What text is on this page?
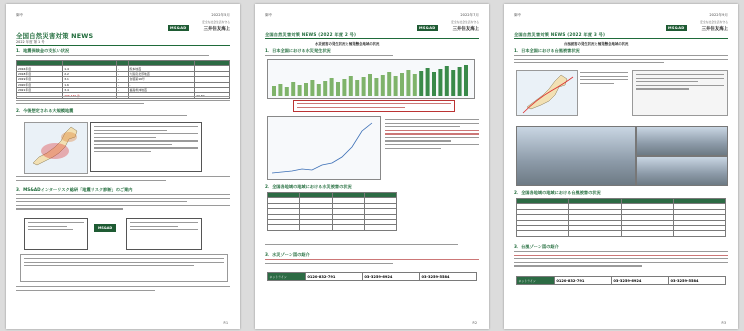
御中	2022年5月
安全な社会生活を守る
MS&AD	三井住友海上
全国自然災害対策 NEWS
2022 年度 第 1 号
1．地震保険金の支払い状況

2016年度	1.4	-	熊本地震	
2018年度	2.2	-	大阪府北部地震	
2019年度	3.1	-	台風第19号	
2020年度	1.6	-	-	
2021年度	3.4	-	福島県沖地震	

2．今後想定される大規模地震
3．MS&ADインターリスク総研「地震リスク診断」のご案内
MS&AD
P.1
御中	2022年7月
安全な社会生活を守る
MS&AD	三井住友海上
全国自然災害対策 NEWS (2022 年度 2 号)
水災被害の発生状況と頻発懸念地域の状況
1．日本全国における水災発生状況
2．全国各地域の地域における水災被害の状況

3．水災ゾーン図の紹介
ホットライン	0120-832-791	03-3259-6924	03-3259-5584
P.2
御中	2022年9月
安全な社会生活を守る
MS&AD	三井住友海上
全国自然災害対策 NEWS (2022 年度 3 号)
台風被害の発生状況と頻発懸念地域の状況
1．日本全国における台風被害状況
2．全国各地域の地域における台風被害の状況

3．台風ゾーン図の紹介
ホットライン	0120-832-791	03-3259-6924	03-3259-5584
P.3
